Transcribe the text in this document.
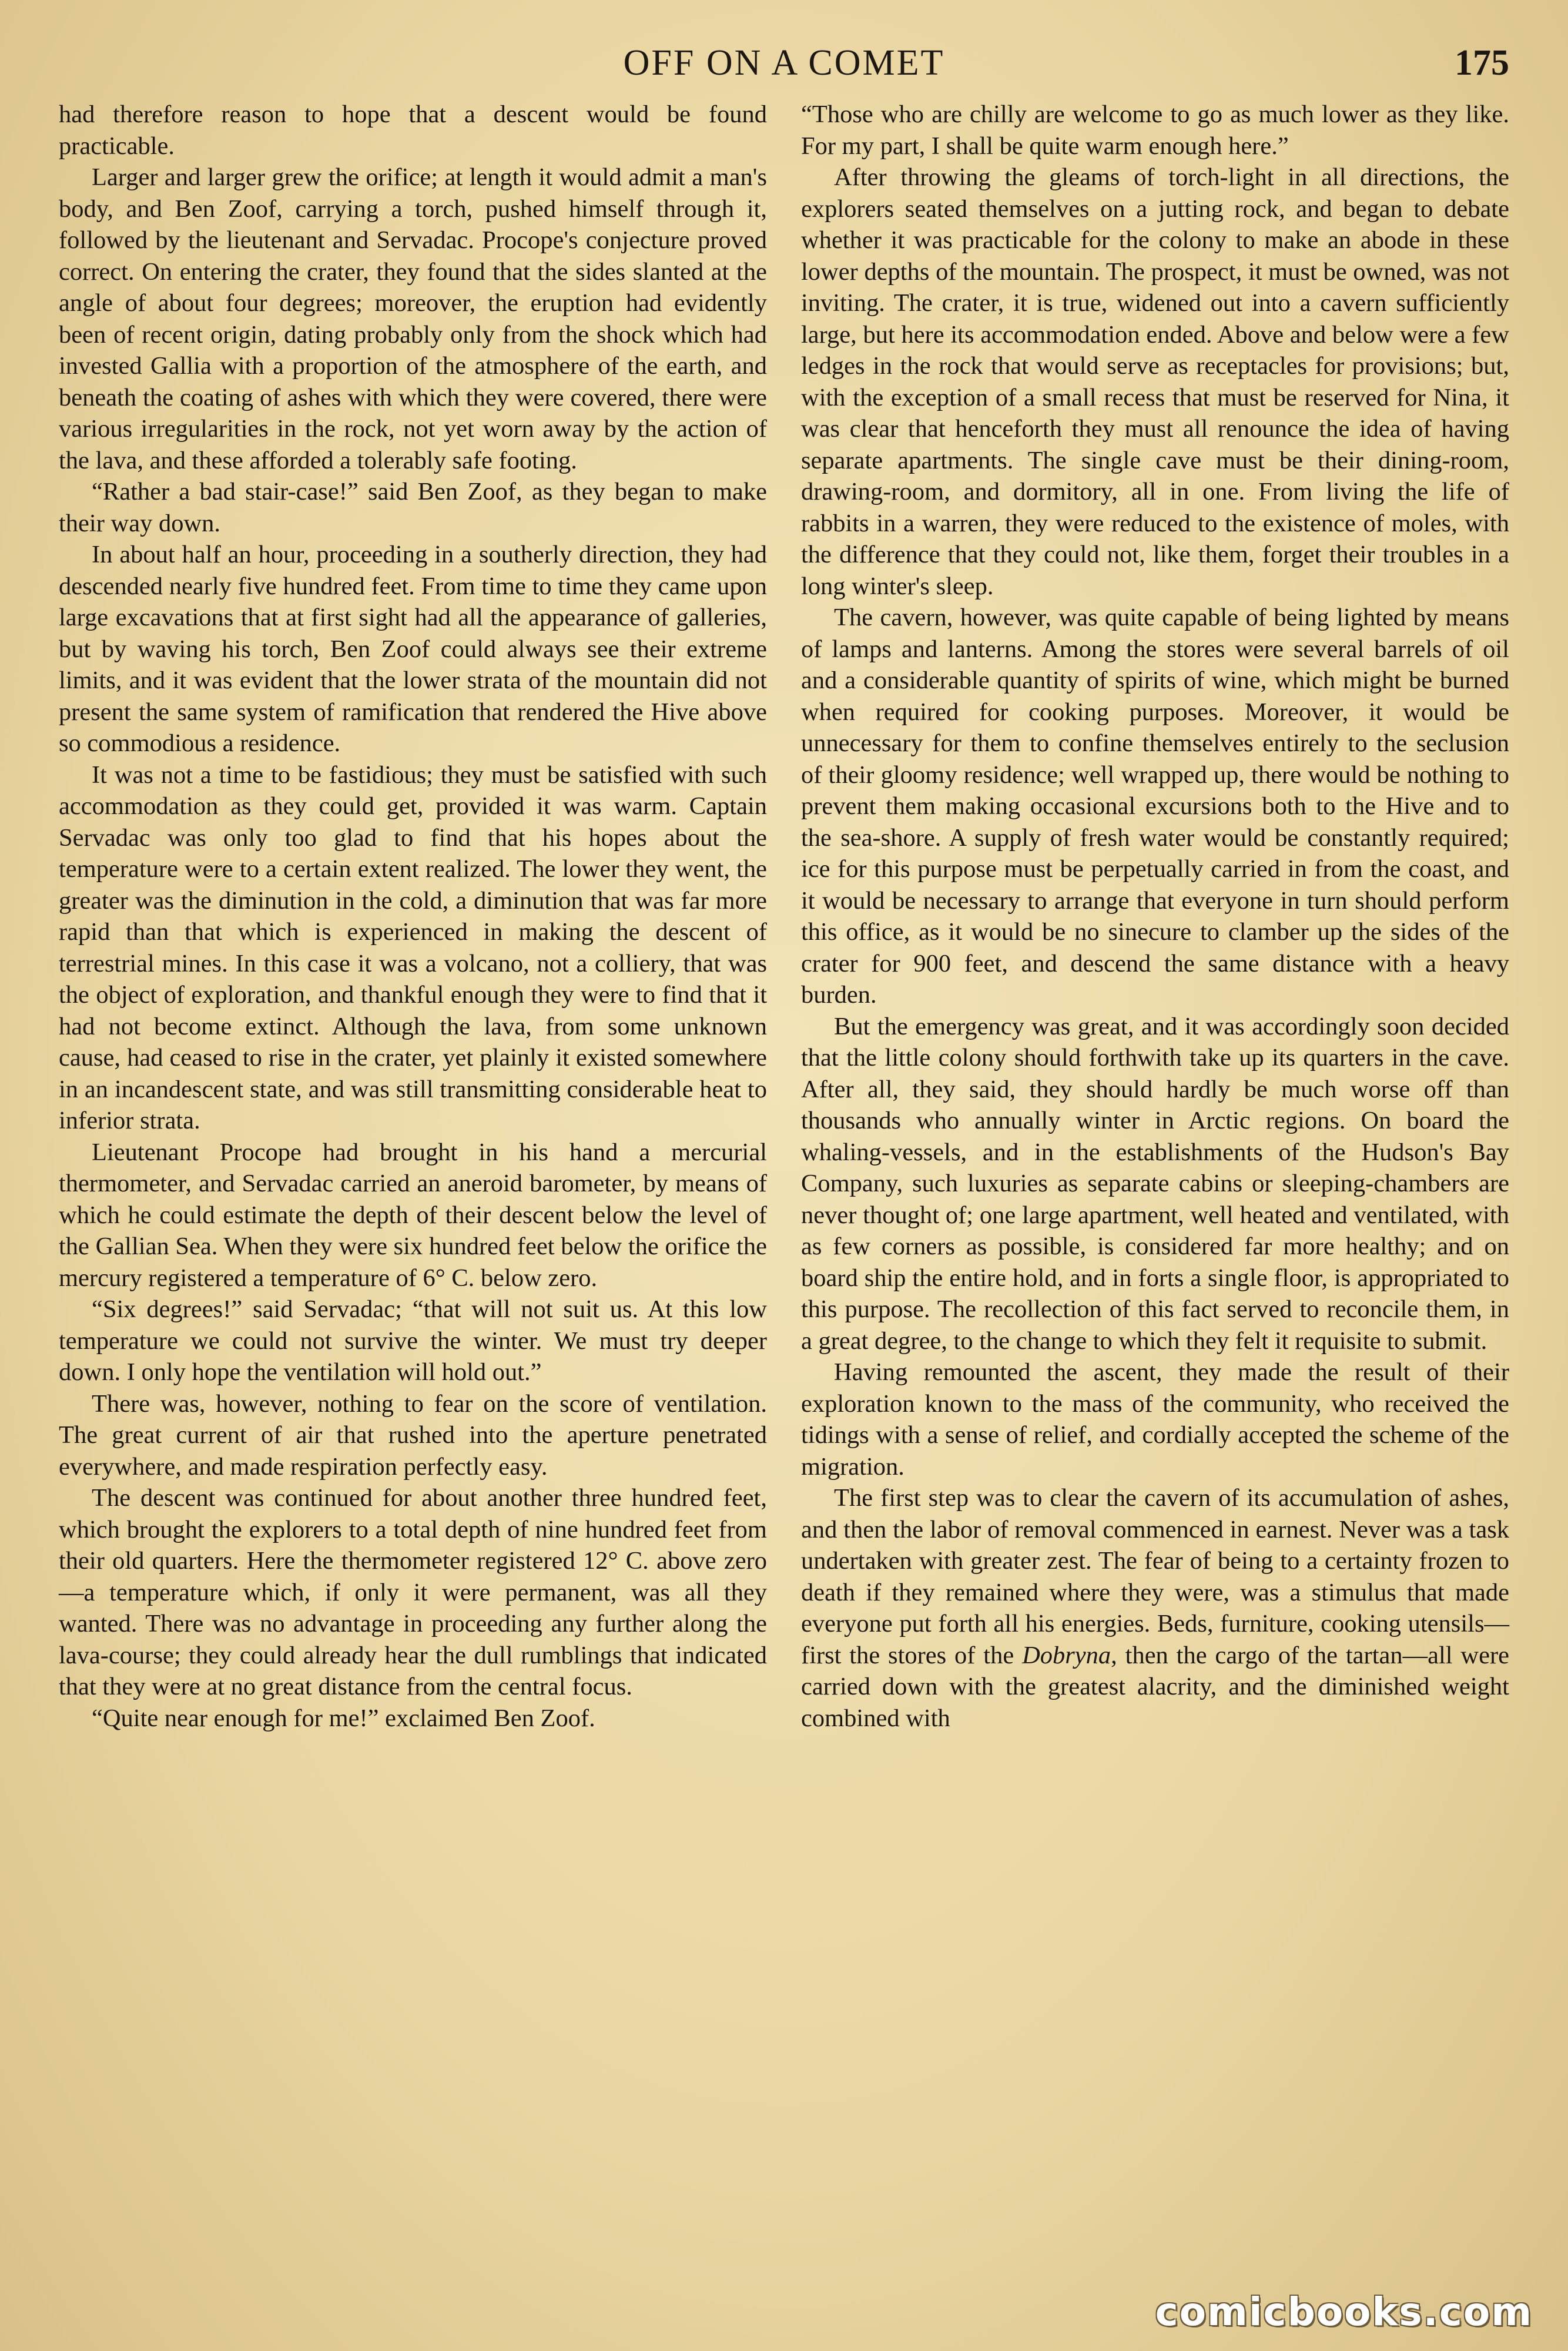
OFF ON A COMET	175

had therefore reason to hope that a descent would be found practicable.

Larger and larger grew the orifice; at length it would admit a man's body, and Ben Zoof, carrying a torch, pushed himself through it, followed by the lieutenant and Servadac. Procope's conjecture proved correct. On entering the crater, they found that the sides slanted at the angle of about four degrees; moreover, the eruption had evidently been of recent origin, dating probably only from the shock which had invested Gallia with a proportion of the atmosphere of the earth, and beneath the coating of ashes with which they were covered, there were various irregularities in the rock, not yet worn away by the action of the lava, and these afforded a tolerably safe footing.

“Rather a bad stair-case!” said Ben Zoof, as they began to make their way down.

In about half an hour, proceeding in a southerly direction, they had descended nearly five hundred feet. From time to time they came upon large excavations that at first sight had all the appearance of galleries, but by waving his torch, Ben Zoof could always see their extreme limits, and it was evident that the lower strata of the mountain did not present the same system of ramification that rendered the Hive above so commodious a residence.

It was not a time to be fastidious; they must be satisfied with such accommodation as they could get, provided it was warm. Captain Servadac was only too glad to find that his hopes about the temperature were to a certain extent realized. The lower they went, the greater was the diminution in the cold, a diminution that was far more rapid than that which is experienced in making the descent of terrestrial mines. In this case it was a volcano, not a colliery, that was the object of exploration, and thankful enough they were to find that it had not become extinct. Although the lava, from some unknown cause, had ceased to rise in the crater, yet plainly it existed somewhere in an incandescent state, and was still transmitting considerable heat to inferior strata.

Lieutenant Procope had brought in his hand a mercurial thermometer, and Servadac carried an aneroid barometer, by means of which he could estimate the depth of their descent below the level of the Gallian Sea. When they were six hundred feet below the orifice the mercury registered a temperature of 6° C. below zero.

“Six degrees!” said Servadac; “that will not suit us. At this low temperature we could not survive the winter. We must try deeper down. I only hope the ventilation will hold out.”

There was, however, nothing to fear on the score of ventilation. The great current of air that rushed into the aperture penetrated everywhere, and made respiration perfectly easy.

The descent was continued for about another three hundred feet, which brought the explorers to a total depth of nine hundred feet from their old quarters. Here the thermometer registered 12° C. above zero—a temperature which, if only it were permanent, was all they wanted. There was no advantage in proceeding any further along the lava-course; they could already hear the dull rumblings that indicated that they were at no great distance from the central focus.

“Quite near enough for me!” exclaimed Ben Zoof.

“Those who are chilly are welcome to go as much lower as they like. For my part, I shall be quite warm enough here.”

After throwing the gleams of torch-light in all directions, the explorers seated themselves on a jutting rock, and began to debate whether it was practicable for the colony to make an abode in these lower depths of the mountain. The prospect, it must be owned, was not inviting. The crater, it is true, widened out into a cavern sufficiently large, but here its accommodation ended. Above and below were a few ledges in the rock that would serve as receptacles for provisions; but, with the exception of a small recess that must be reserved for Nina, it was clear that henceforth they must all renounce the idea of having separate apartments. The single cave must be their dining-room, drawing-room, and dormitory, all in one. From living the life of rabbits in a warren, they were reduced to the existence of moles, with the difference that they could not, like them, forget their troubles in a long winter's sleep.

The cavern, however, was quite capable of being lighted by means of lamps and lanterns. Among the stores were several barrels of oil and a considerable quantity of spirits of wine, which might be burned when required for cooking purposes. Moreover, it would be unnecessary for them to confine themselves entirely to the seclusion of their gloomy residence; well wrapped up, there would be nothing to prevent them making occasional excursions both to the Hive and to the sea-shore. A supply of fresh water would be constantly required; ice for this purpose must be perpetually carried in from the coast, and it would be necessary to arrange that everyone in turn should perform this office, as it would be no sinecure to clamber up the sides of the crater for 900 feet, and descend the same distance with a heavy burden.

But the emergency was great, and it was accordingly soon decided that the little colony should forthwith take up its quarters in the cave. After all, they said, they should hardly be much worse off than thousands who annually winter in Arctic regions. On board the whaling-vessels, and in the establishments of the Hudson's Bay Company, such luxuries as separate cabins or sleeping-chambers are never thought of; one large apartment, well heated and ventilated, with as few corners as possible, is considered far more healthy; and on board ship the entire hold, and in forts a single floor, is appropriated to this purpose. The recollection of this fact served to reconcile them, in a great degree, to the change to which they felt it requisite to submit.

Having remounted the ascent, they made the result of their exploration known to the mass of the community, who received the tidings with a sense of relief, and cordially accepted the scheme of the migration.

The first step was to clear the cavern of its accumulation of ashes, and then the labor of removal commenced in earnest. Never was a task undertaken with greater zest. The fear of being to a certainty frozen to death if they remained where they were, was a stimulus that made everyone put forth all his energies. Beds, furniture, cooking utensils—first the stores of the Dobryna, then the cargo of the tartan—all were carried down with the greatest alacrity, and the diminished weight combined with

comicbooks.com
